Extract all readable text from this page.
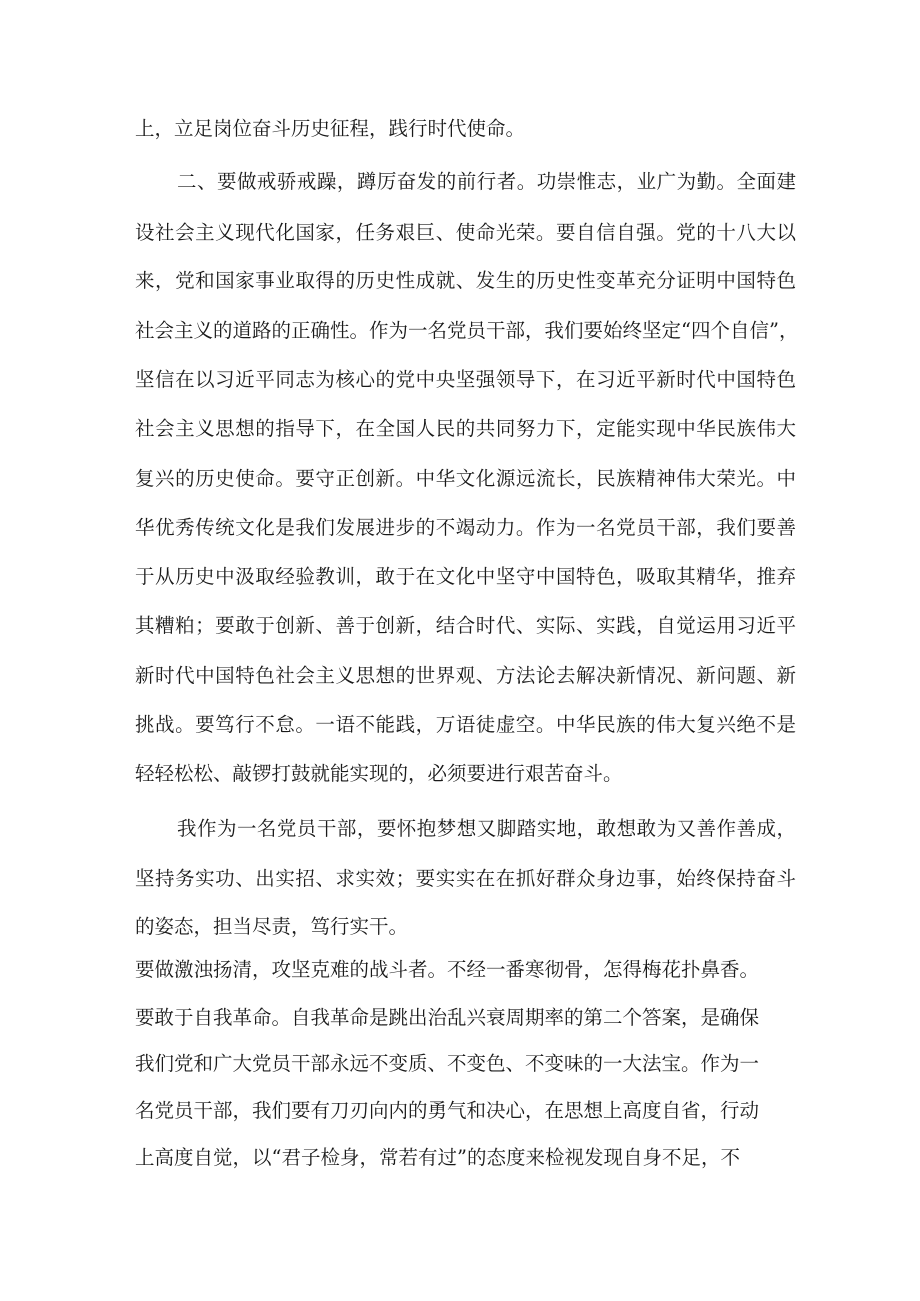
上，立足岗位奋斗历史征程，践行时代使命。
二、要做戒骄戒躁，蹲厉奋发的前行者。功崇惟志，业广为勤。全面建
设社会主义现代化国家，任务艰巨、使命光荣。要自信自强。党的十八大以
来，党和国家事业取得的历史性成就、发生的历史性变革充分证明中国特色
社会主义的道路的正确性。作为一名党员干部，我们要始终坚定“四个自信”，
坚信在以习近平同志为核心的党中央坚强领导下，在习近平新时代中国特色
社会主义思想的指导下，在全国人民的共同努力下，定能实现中华民族伟大
复兴的历史使命。要守正创新。中华文化源远流长，民族精神伟大荣光。中
华优秀传统文化是我们发展进步的不竭动力。作为一名党员干部，我们要善
于从历史中汲取经验教训，敢于在文化中坚守中国特色，吸取其精华，推弃
其糟粕；要敢于创新、善于创新，结合时代、实际、实践，自觉运用习近平
新时代中国特色社会主义思想的世界观、方法论去解决新情况、新问题、新
挑战。要笃行不怠。一语不能践，万语徒虚空。中华民族的伟大复兴绝不是
轻轻松松、敲锣打鼓就能实现的，必须要进行艰苦奋斗。
我作为一名党员干部，要怀抱梦想又脚踏实地，敢想敢为又善作善成，
坚持务实功、出实招、求实效；要实实在在抓好群众身边事，始终保持奋斗
的姿态，担当尽责，笃行实干。
要做激浊扬清，攻坚克难的战斗者。不经一番寒彻骨，怎得梅花扑鼻香。
要敢于自我革命。自我革命是跳出治乱兴衰周期率的第二个答案，是确保
我们党和广大党员干部永远不变质、不变色、不变味的一大法宝。作为一
名党员干部，我们要有刀刃向内的勇气和决心，在思想上高度自省，行动
上高度自觉，以“君子检身，常若有过”的态度来检视发现自身不足，不
